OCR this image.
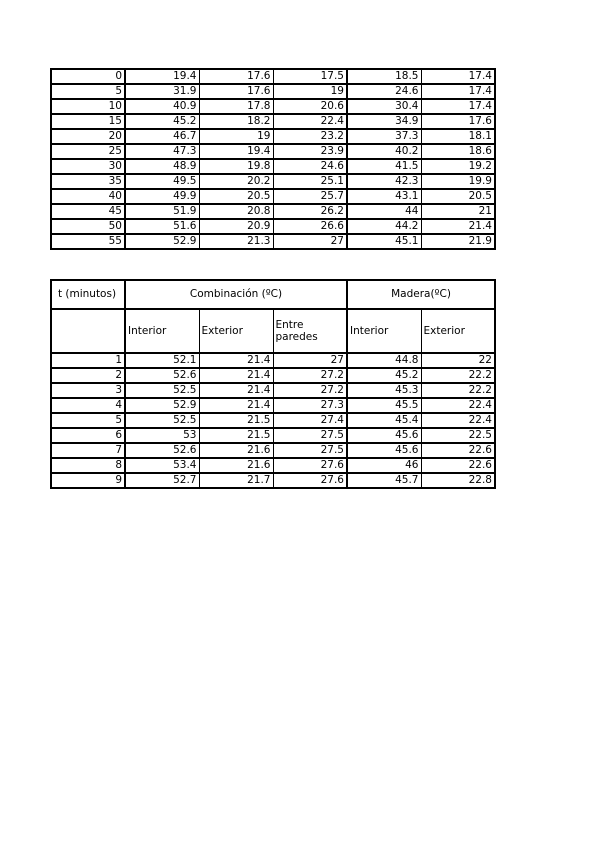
0	19.4	17.6	17.5	18.5	17.4
5	31.9	17.6	19	24.6	17.4
10	40.9	17.8	20.6	30.4	17.4
15	45.2	18.2	22.4	34.9	17.6
20	46.7	19	23.2	37.3	18.1
25	47.3	19.4	23.9	40.2	18.6
30	48.9	19.8	24.6	41.5	19.2
35	49.5	20.2	25.1	42.3	19.9
40	49.9	20.5	25.7	43.1	20.5
45	51.9	20.8	26.2	44	21
50	51.6	20.9	26.6	44.2	21.4
55	52.9	21.3	27	45.1	21.9
t (minutos)	Combinación (ºC)			Madera(ºC)	
	Interior	Exterior	Entre paredes	Interior	Exterior
1	52.1	21.4	27	44.8	22
2	52.6	21.4	27.2	45.2	22.2
3	52.5	21.4	27.2	45.3	22.2
4	52.9	21.4	27.3	45.5	22.4
5	52.5	21.5	27.4	45.4	22.4
6	53	21.5	27.5	45.6	22.5
7	52.6	21.6	27.5	45.6	22.6
8	53.4	21.6	27.6	46	22.6
9	52.7	21.7	27.6	45.7	22.8
